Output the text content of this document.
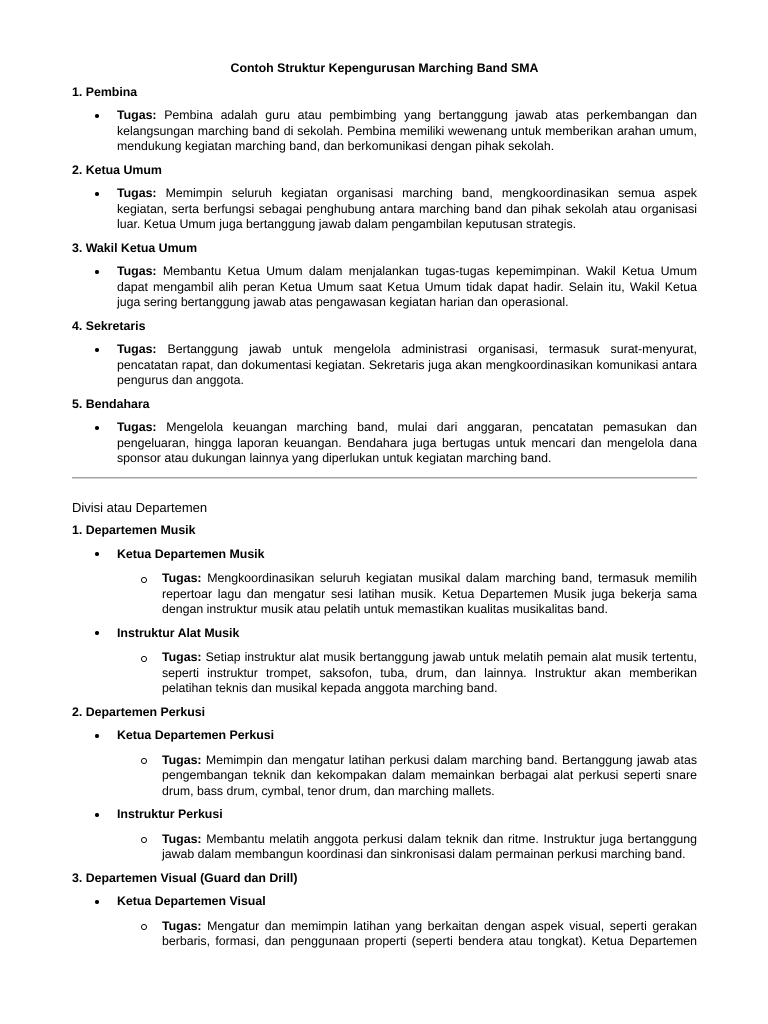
Contoh Struktur Kepengurusan Marching Band SMA
1. Pembina
Tugas: Pembina adalah guru atau pembimbing yang bertanggung jawab atas perkembangan dan kelangsungan marching band di sekolah. Pembina memiliki wewenang untuk memberikan arahan umum, mendukung kegiatan marching band, dan berkomunikasi dengan pihak sekolah.
2. Ketua Umum
Tugas: Memimpin seluruh kegiatan organisasi marching band, mengkoordinasikan semua aspek kegiatan, serta berfungsi sebagai penghubung antara marching band dan pihak sekolah atau organisasi luar. Ketua Umum juga bertanggung jawab dalam pengambilan keputusan strategis.
3. Wakil Ketua Umum
Tugas: Membantu Ketua Umum dalam menjalankan tugas-tugas kepemimpinan. Wakil Ketua Umum dapat mengambil alih peran Ketua Umum saat Ketua Umum tidak dapat hadir. Selain itu, Wakil Ketua juga sering bertanggung jawab atas pengawasan kegiatan harian dan operasional.
4. Sekretaris
Tugas: Bertanggung jawab untuk mengelola administrasi organisasi, termasuk surat-menyurat, pencatatan rapat, dan dokumentasi kegiatan. Sekretaris juga akan mengkoordinasikan komunikasi antara pengurus dan anggota.
5. Bendahara
Tugas: Mengelola keuangan marching band, mulai dari anggaran, pencatatan pemasukan dan pengeluaran, hingga laporan keuangan. Bendahara juga bertugas untuk mencari dan mengelola dana sponsor atau dukungan lainnya yang diperlukan untuk kegiatan marching band.
Divisi atau Departemen
1. Departemen Musik
Ketua Departemen Musik
Tugas: Mengkoordinasikan seluruh kegiatan musikal dalam marching band, termasuk memilih repertoar lagu dan mengatur sesi latihan musik. Ketua Departemen Musik juga bekerja sama dengan instruktur musik atau pelatih untuk memastikan kualitas musikalitas band.
Instruktur Alat Musik
Tugas: Setiap instruktur alat musik bertanggung jawab untuk melatih pemain alat musik tertentu, seperti instruktur trompet, saksofon, tuba, drum, dan lainnya. Instruktur akan memberikan pelatihan teknis dan musikal kepada anggota marching band.
2. Departemen Perkusi
Ketua Departemen Perkusi
Tugas: Memimpin dan mengatur latihan perkusi dalam marching band. Bertanggung jawab atas pengembangan teknik dan kekompakan dalam memainkan berbagai alat perkusi seperti snare drum, bass drum, cymbal, tenor drum, dan marching mallets.
Instruktur Perkusi
Tugas: Membantu melatih anggota perkusi dalam teknik dan ritme. Instruktur juga bertanggung jawab dalam membangun koordinasi dan sinkronisasi dalam permainan perkusi marching band.
3. Departemen Visual (Guard dan Drill)
Ketua Departemen Visual
Tugas: Mengatur dan memimpin latihan yang berkaitan dengan aspek visual, seperti gerakan berbaris, formasi, dan penggunaan properti (seperti bendera atau tongkat). Ketua Departemen
